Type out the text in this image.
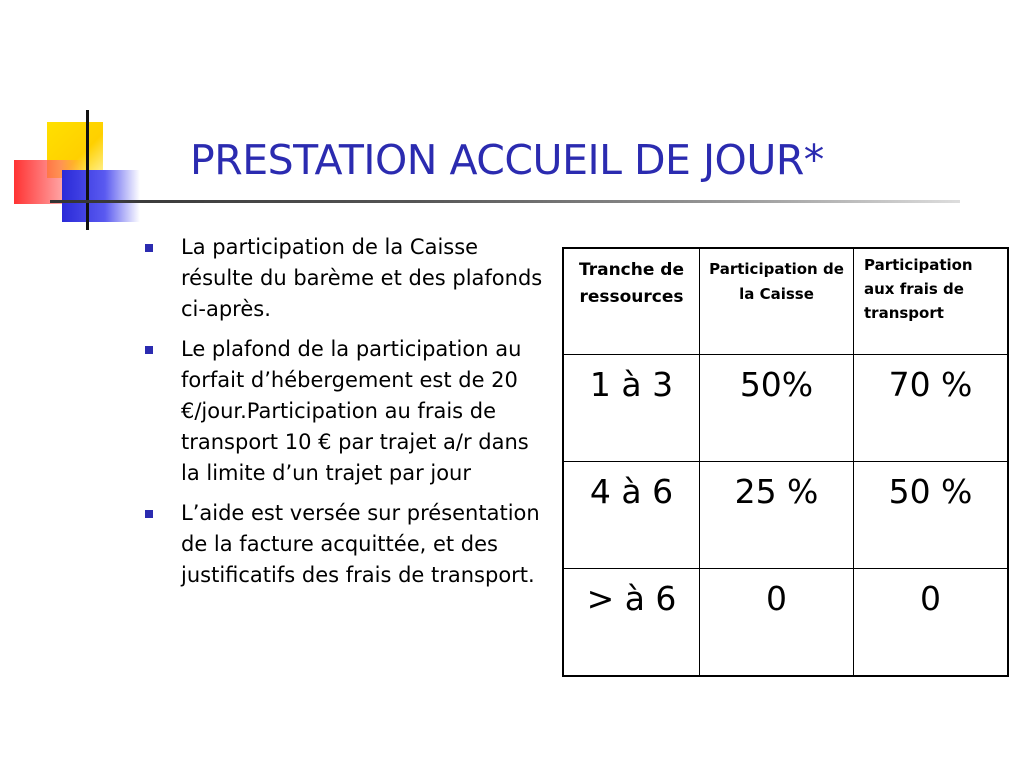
PRESTATION ACCUEIL DE JOUR*
La participation de la Caisse résulte du barème et des plafonds ci-après.
Le plafond de la participation au forfait d’hébergement est de 20 €/jour.Participation au frais de transport 10 € par trajet a/r dans la limite d’un trajet par jour
L’aide est versée sur présentation de la facture acquittée, et des justificatifs des frais de transport.
Tranche de ressources	Participation de la Caisse	Participation aux frais de transport

1 à 3	50%	70 %

4 à 6	25 %	50 %

> à 6	0	0
